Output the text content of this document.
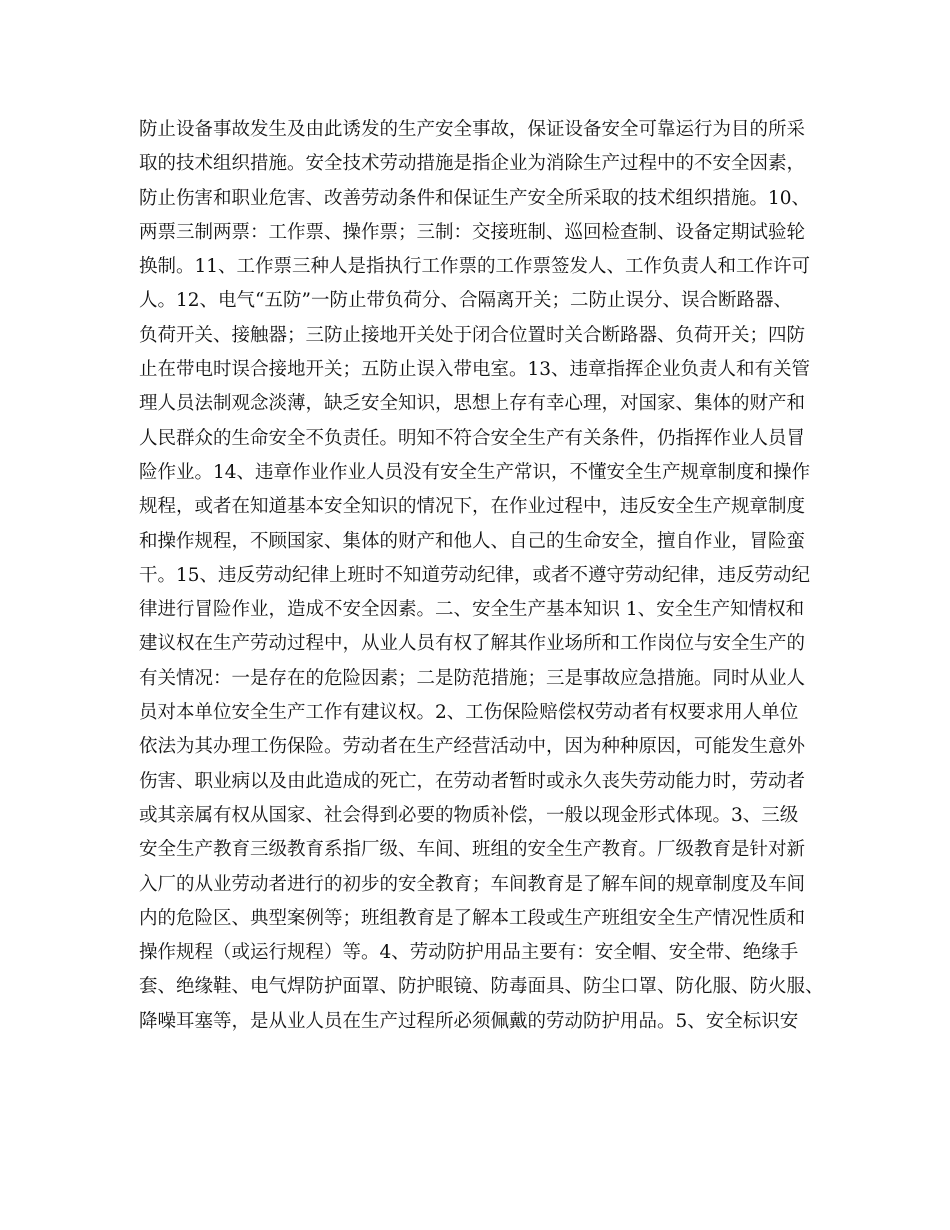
防止设备事故发生及由此诱发的生产安全事故，保证设备安全可靠运行为目的所采
取的技术组织措施。安全技术劳动措施是指企业为消除生产过程中的不安全因素，
防止伤害和职业危害、改善劳动条件和保证生产安全所采取的技术组织措施。10、
两票三制两票：工作票、操作票；三制：交接班制、巡回检查制、设备定期试验轮
换制。11、工作票三种人是指执行工作票的工作票签发人、工作负责人和工作许可
人。12、电气“五防”一防止带负荷分、合隔离开关；二防止误分、误合断路器、
负荷开关、接触器；三防止接地开关处于闭合位置时关合断路器、负荷开关；四防
止在带电时误合接地开关；五防止误入带电室。13、违章指挥企业负责人和有关管
理人员法制观念淡薄，缺乏安全知识，思想上存有幸心理，对国家、集体的财产和
人民群众的生命安全不负责任。明知不符合安全生产有关条件，仍指挥作业人员冒
险作业。14、违章作业作业人员没有安全生产常识，不懂安全生产规章制度和操作
规程，或者在知道基本安全知识的情况下，在作业过程中，违反安全生产规章制度
和操作规程，不顾国家、集体的财产和他人、自己的生命安全，擅自作业，冒险蛮
干。15、违反劳动纪律上班时不知道劳动纪律，或者不遵守劳动纪律，违反劳动纪
律进行冒险作业，造成不安全因素。二、安全生产基本知识 1、安全生产知情权和
建议权在生产劳动过程中，从业人员有权了解其作业场所和工作岗位与安全生产的
有关情况：一是存在的危险因素；二是防范措施；三是事故应急措施。同时从业人
员对本单位安全生产工作有建议权。2、工伤保险赔偿权劳动者有权要求用人单位
依法为其办理工伤保险。劳动者在生产经营活动中，因为种种原因，可能发生意外
伤害、职业病以及由此造成的死亡，在劳动者暂时或永久丧失劳动能力时，劳动者
或其亲属有权从国家、社会得到必要的物质补偿，一般以现金形式体现。3、三级
安全生产教育三级教育系指厂级、车间、班组的安全生产教育。厂级教育是针对新
入厂的从业劳动者进行的初步的安全教育；车间教育是了解车间的规章制度及车间
内的危险区、典型案例等；班组教育是了解本工段或生产班组安全生产情况性质和
操作规程（或运行规程）等。4、劳动防护用品主要有：安全帽、安全带、绝缘手
套、绝缘鞋、电气焊防护面罩、防护眼镜、防毒面具、防尘口罩、防化服、防火服、
降噪耳塞等，是从业人员在生产过程所必须佩戴的劳动防护用品。5、安全标识安
